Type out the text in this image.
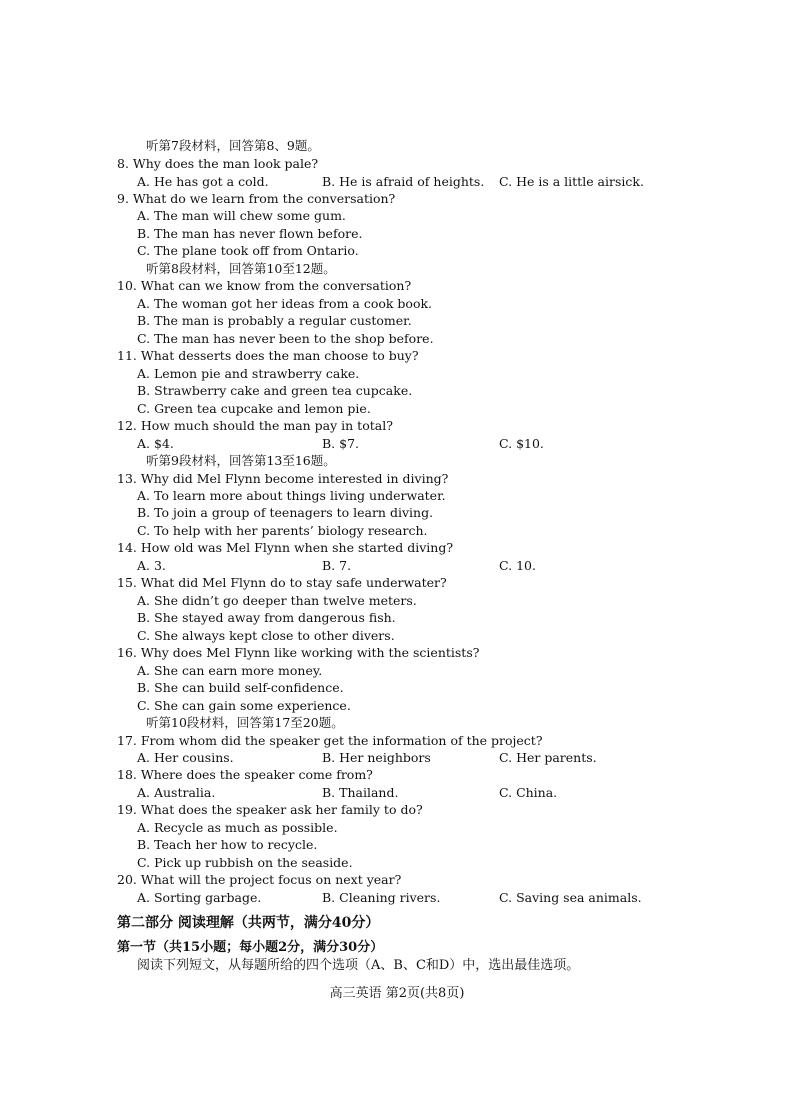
听第7段材料，回答第8、9题。
8. Why does the man look pale?
A. He has got a cold.	B. He is afraid of heights. C. He is a little airsick.
9. What do we learn from the conversation?
A. The man will chew some gum.
B. The man has never flown before.
C. The plane took off from Ontario.
听第8段材料，回答第10至12题。
10. What can we know from the conversation?
A. The woman got her ideas from a cook book.
B. The man is probably a regular customer.
C. The man has never been to the shop before.
11. What desserts does the man choose to buy?
A. Lemon pie and strawberry cake.
B. Strawberry cake and green tea cupcake.
C. Green tea cupcake and lemon pie.
12. How much should the man pay in total?
A. $4.	B. $7.	C. $10.
听第9段材料，回答第13至16题。
13. Why did Mel Flynn become interested in diving?
A. To learn more about things living underwater.
B. To join a group of teenagers to learn diving.
C. To help with her parents’ biology research.
14. How old was Mel Flynn when she started diving?
A. 3.	B. 7.	C. 10.
15. What did Mel Flynn do to stay safe underwater?
A. She didn’t go deeper than twelve meters.
B. She stayed away from dangerous fish.
C. She always kept close to other divers.
16. Why does Mel Flynn like working with the scientists?
A. She can earn more money.
B. She can build self-confidence.
C. She can gain some experience.
听第10段材料，回答第17至20题。
17. From whom did the speaker get the information of the project?
A. Her cousins.	B. Her neighbors	C. Her parents.
18. Where does the speaker come from?
A. Australia.	B. Thailand.	C. China.
19. What does the speaker ask her family to do?
A. Recycle as much as possible.
B. Teach her how to recycle.
C. Pick up rubbish on the seaside.
20. What will the project focus on next year?
A. Sorting garbage.	B. Cleaning rivers.	C. Saving sea animals.
第二部分 阅读理解（共两节，满分40分）
第一节（共15小题；每小题2分，满分30分）
阅读下列短文，从每题所给的四个选项（A、B、C和D）中，选出最佳选项。
高三英语 第2页(共8页)
